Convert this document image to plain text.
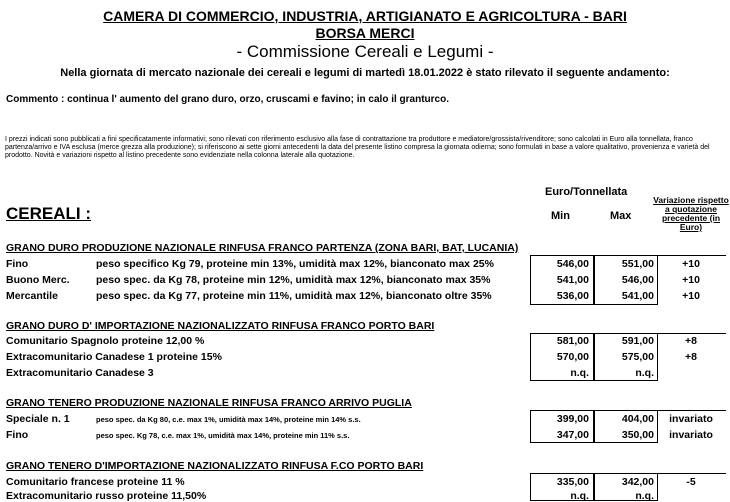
CAMERA DI COMMERCIO, INDUSTRIA, ARTIGIANATO E AGRICOLTURA - BARI
BORSA MERCI
- Commissione Cereali e Legumi -
Nella giornata di mercato nazionale dei cereali e legumi di martedì 18.01.2022 è stato rilevato il seguente andamento:
Commento : continua l' aumento del grano duro, orzo, cruscami e favino; in calo il granturco.
I prezzi indicati sono pubblicati a fini specificatamente informativi; sono rilevati con riferimento esclusivo alla fase di contrattazione tra produttore e mediatore/grossista/rivenditore; sono calcolati in Euro alla tonnellata, franco partenza/arrivo e IVA esclusa (merce grezza alla produzione); si riferiscono ai sette giorni antecedenti la data del presente listino compresa la giornata odierna; sono formulati in base a valore qualitativo, provenienza e varietà del prodotto. Novità e variazioni rispetto al listino precedente sono evidenziate nella colonna laterale alla quotazione.
CEREALI :
Euro/Tonnellata
Min	Max
Variazione rispetto a quotazione precedente (in Euro)
GRANO DURO PRODUZIONE NAZIONALE RINFUSA FRANCO PARTENZA (ZONA BARI, BAT, LUCANIA)
Fino	peso specifico Kg 79, proteine min 13%, umidità max 12%, bianconato max 25%	546,00	551,00	+10
Buono Merc.	peso spec. da Kg 78, proteine min 12%, umidità max 12%, bianconato max 35%	541,00	546,00	+10
Mercantile	peso spec. da Kg 77, proteine min 11%, umidità max 12%, bianconato oltre 35%	536,00	541,00	+10
GRANO DURO D' IMPORTAZIONE NAZIONALIZZATO RINFUSA FRANCO PORTO BARI
Comunitario Spagnolo proteine 12,00 %	581,00	591,00	+8
Extracomunitario Canadese 1 proteine 15%	570,00	575,00	+8
Extracomunitario Canadese 3	n.q.	n.q.
GRANO TENERO PRODUZIONE NAZIONALE RINFUSA FRANCO ARRIVO PUGLIA
Speciale n. 1	peso spec. da Kg 80, c.e. max 1%, umidità max 14%, proteine min 14% s.s.	399,00	404,00	invariato
Fino	peso spec. Kg 78, c.e. max 1%, umidità max 14%, proteine min 11% s.s.	347,00	350,00	invariato
GRANO TENERO D'IMPORTAZIONE NAZIONALIZZATO RINFUSA F.CO PORTO BARI
Comunitario francese proteine 11 %	335,00	342,00	-5
Extracomunitario russo proteine 11,50%	n.q.	n.q.
